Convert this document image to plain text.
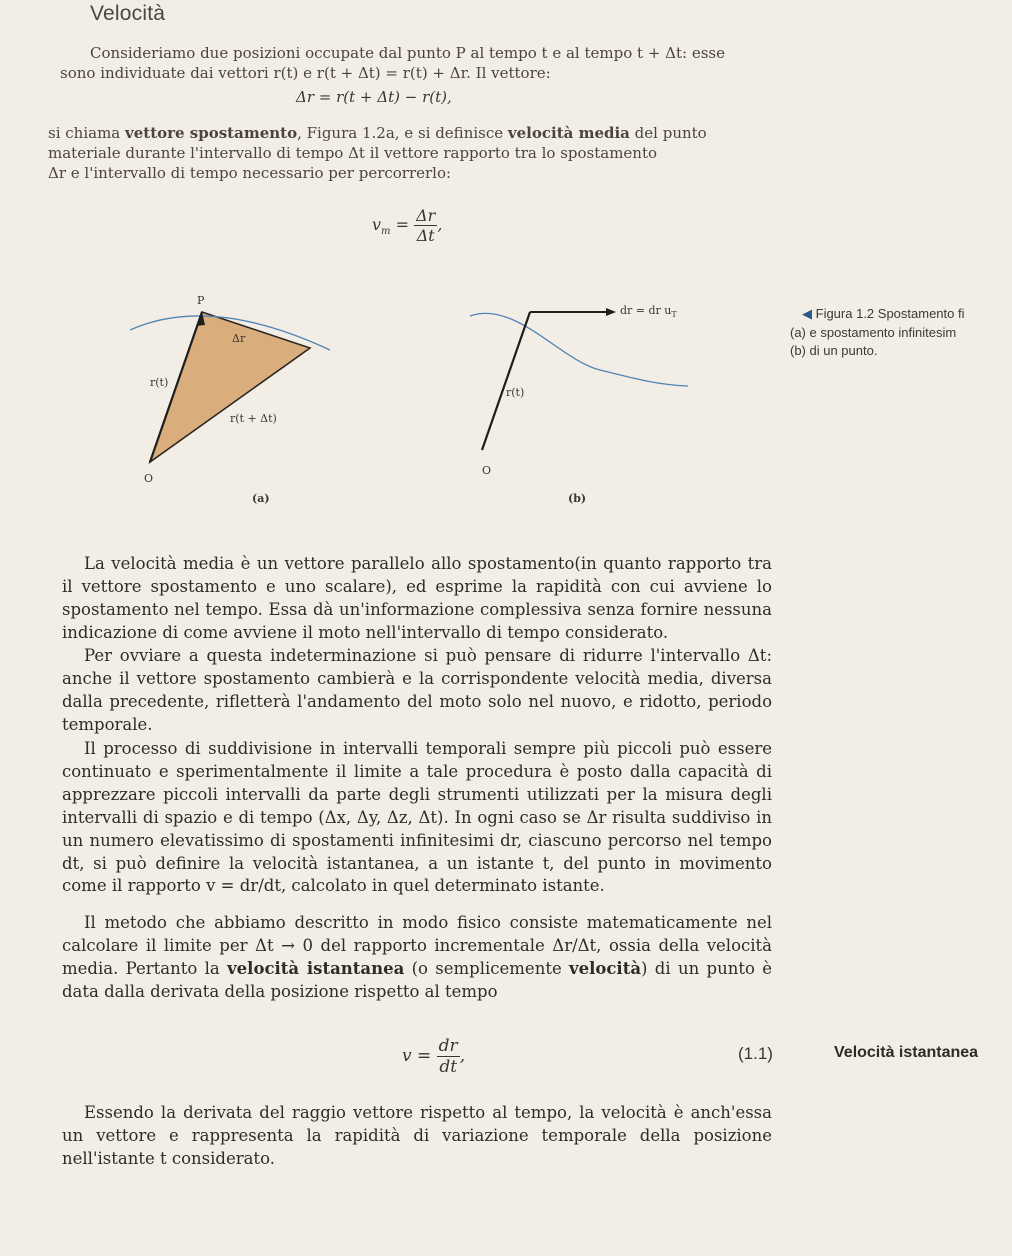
Velocità
Consideriamo due posizioni occupate dal punto P al tempo t e al tempo t + Δt: esse
sono individuate dai vettori r(t) e r(t + Δt) = r(t) + Δr. Il vettore:
Δr = r(t + Δt) − r(t),
si chiama vettore spostamento, Figura 1.2a, e si definisce velocità media del punto
materiale durante l'intervallo di tempo Δt il vettore rapporto tra lo spostamento
Δr e l'intervallo di tempo necessario per percorrerlo:
$v_m = \frac{\Delta r}{\Delta t}$ ,
P
Δr
r(t)
r(t + Δt)
O
(a)
dr = dr $u_T$
r(t)
O
(b)
◀ Figura 1.2 Spostamento fi
(a) e spostamento infinitesim
(b) di un punto.

La velocità media è un vettore parallelo allo spostamento(in quanto rapporto tra il vettore spostamento e uno scalare), ed esprime la rapidità con cui avviene lo spostamento nel tempo. Essa dà un'informazione complessiva senza fornire nessuna indicazione di come avviene il moto nell'intervallo di tempo considerato.

Per ovviare a questa indeterminazione si può pensare di ridurre l'intervallo Δt: anche il vettore spostamento cambierà e la corrispondente velocità media, diversa dalla precedente, rifletterà l'andamento del moto solo nel nuovo, e ridotto, periodo temporale.

Il processo di suddivisione in intervalli temporali sempre più piccoli può essere continuato e sperimentalmente il limite a tale procedura è posto dalla capacità di apprezzare piccoli intervalli da parte degli strumenti utilizzati per la misura degli intervalli di spazio e di tempo (Δx, Δy, Δz, Δt). In ogni caso se Δr risulta suddiviso in un numero elevatissimo di spostamenti infinitesimi dr, ciascuno percorso nel tempo dt, si può definire la velocità istantanea, a un istante t, del punto in movimento come il rapporto v = dr/dt, calcolato in quel determinato istante.

Il metodo che abbiamo descritto in modo fisico consiste matematicamente nel calcolare il limite per Δt → 0 del rapporto incrementale Δr/Δt, ossia della velocità media. Pertanto la velocità istantanea (o semplicemente velocità) di un punto è data dalla derivata della posizione rispetto al tempo

$v = \frac{dr}{dt}$ ,	(1.1)	Velocità istantanea

Essendo la derivata del raggio vettore rispetto al tempo, la velocità è anch'essa un vettore e rappresenta la rapidità di variazione temporale della posizione nell'istante t considerato.
